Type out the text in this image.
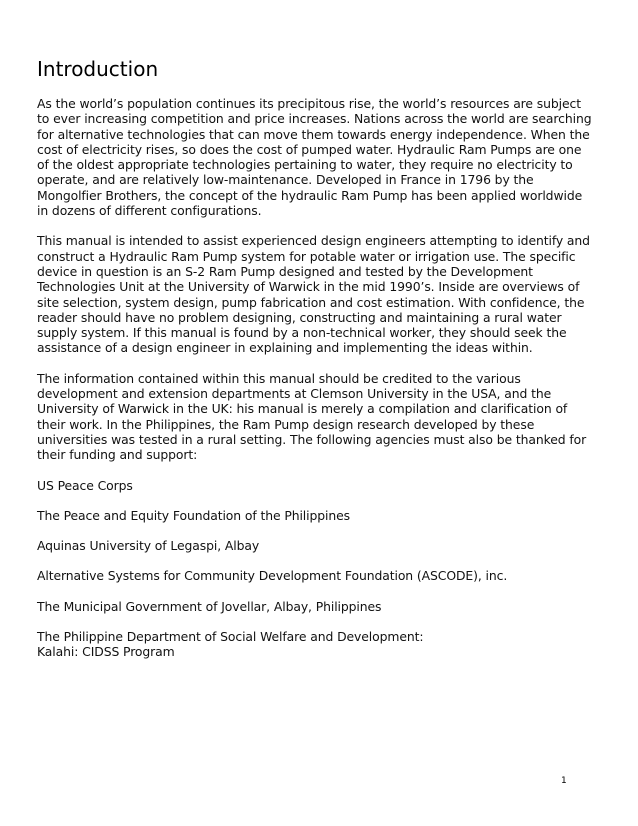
Introduction

As the world’s population continues its precipitous rise, the world’s resources are subject to ever increasing competition and price increases. Nations across the world are searching for alternative technologies that can move them towards energy independence. When the cost of electricity rises, so does the cost of pumped water. Hydraulic Ram Pumps are one of the oldest appropriate technologies pertaining to water, they require no electricity to operate, and are relatively low-maintenance. Developed in France in 1796 by the Mongolfier Brothers, the concept of the hydraulic Ram Pump has been applied worldwide in dozens of different configurations.

This manual is intended to assist experienced design engineers attempting to identify and construct a Hydraulic Ram Pump system for potable water or irrigation use. The specific device in question is an S-2 Ram Pump designed and tested by the Development Technologies Unit at the University of Warwick in the mid 1990’s. Inside are overviews of site selection, system design, pump fabrication and cost estimation. With confidence, the reader should have no problem designing, constructing and maintaining a rural water supply system. If this manual is found by a non-technical worker, they should seek the assistance of a design engineer in explaining and implementing the ideas within.

The information contained within this manual should be credited to the various development and extension departments at Clemson University in the USA, and the University of Warwick in the UK: his manual is merely a compilation and clarification of their work. In the Philippines, the Ram Pump design research developed by these universities was tested in a rural setting. The following agencies must also be thanked for their funding and support:

US Peace Corps

The Peace and Equity Foundation of the Philippines

Aquinas University of Legaspi, Albay

Alternative Systems for Community Development Foundation (ASCODE), inc.

The Municipal Government of Jovellar, Albay, Philippines

The Philippine Department of Social Welfare and Development:
Kalahi: CIDSS Program
1
